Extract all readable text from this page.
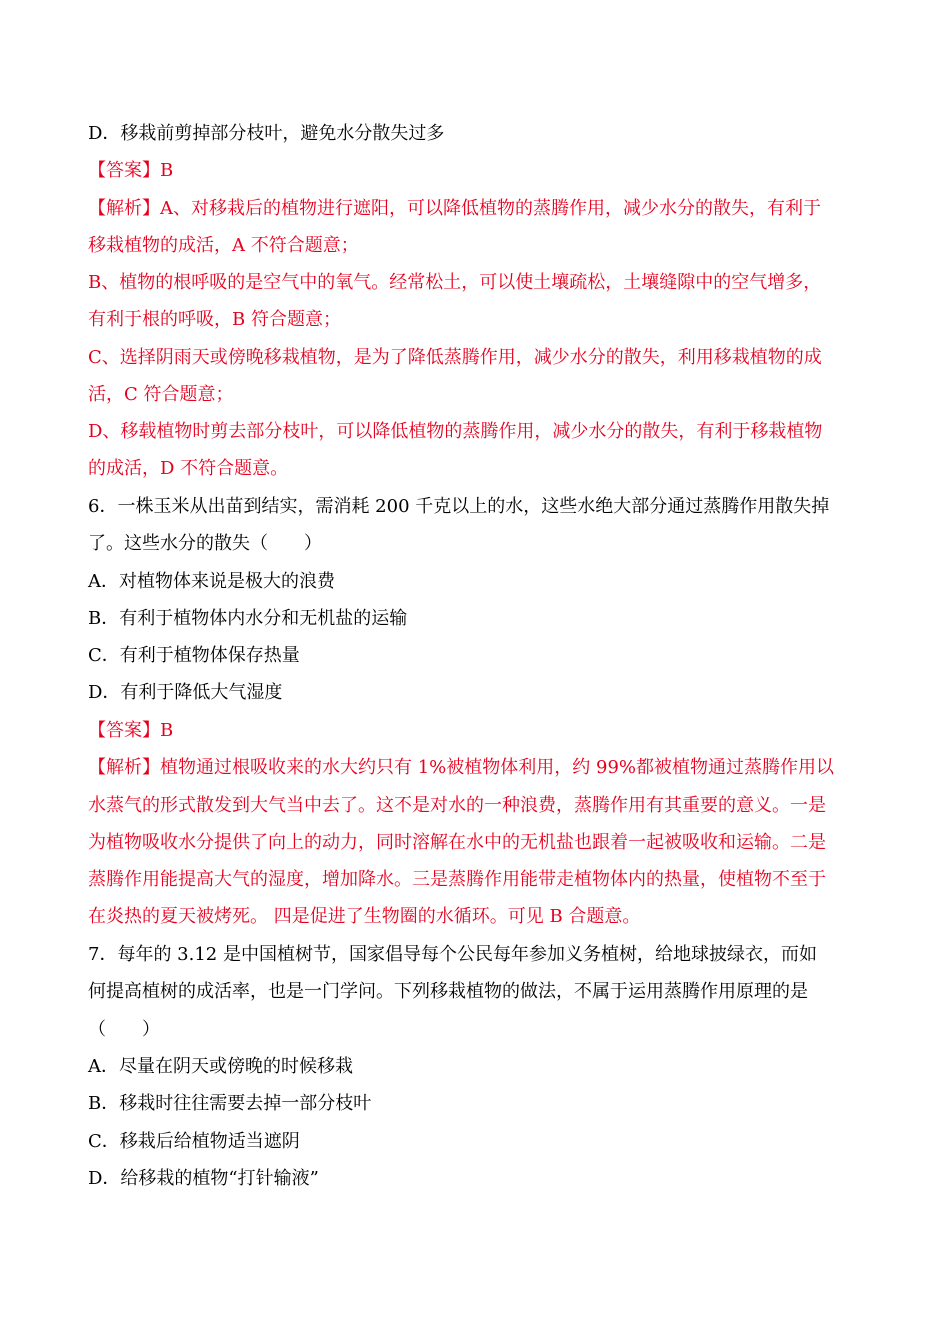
D．移栽前剪掉部分枝叶，避免水分散失过多
【答案】B
【解析】A、对移栽后的植物进行遮阳，可以降低植物的蒸腾作用，减少水分的散失，有利于
移栽植物的成活，A 不符合题意；
B、植物的根呼吸的是空气中的氧气。经常松土，可以使土壤疏松，土壤缝隙中的空气增多，
有利于根的呼吸，B 符合题意；
C、选择阴雨天或傍晚移栽植物，是为了降低蒸腾作用，减少水分的散失，利用移栽植物的成
活，C 符合题意；
D、移载植物时剪去部分枝叶，可以降低植物的蒸腾作用，减少水分的散失，有利于移栽植物
的成活，D 不符合题意。
6．一株玉米从出苗到结实，需消耗 200 千克以上的水，这些水绝大部分通过蒸腾作用散失掉
了。这些水分的散失（　　）
A．对植物体来说是极大的浪费
B．有利于植物体内水分和无机盐的运输
C．有利于植物体保存热量
D．有利于降低大气湿度
【答案】B
【解析】植物通过根吸收来的水大约只有 1%被植物体利用，约 99%都被植物通过蒸腾作用以
水蒸气的形式散发到大气当中去了。这不是对水的一种浪费，蒸腾作用有其重要的意义。一是
为植物吸收水分提供了向上的动力，同时溶解在水中的无机盐也跟着一起被吸收和运输。二是
蒸腾作用能提高大气的湿度，增加降水。三是蒸腾作用能带走植物体内的热量，使植物不至于
在炎热的夏天被烤死。 四是促进了生物圈的水循环。可见 B 合题意。
7．每年的 3.12 是中国植树节，国家倡导每个公民每年参加义务植树，给地球披绿衣，而如
何提高植树的成活率，也是一门学问。下列移栽植物的做法，不属于运用蒸腾作用原理的是
（　　）
A．尽量在阴天或傍晚的时候移栽
B．移栽时往往需要去掉一部分枝叶
C．移栽后给植物适当遮阴
D．给移栽的植物“打针输液”
